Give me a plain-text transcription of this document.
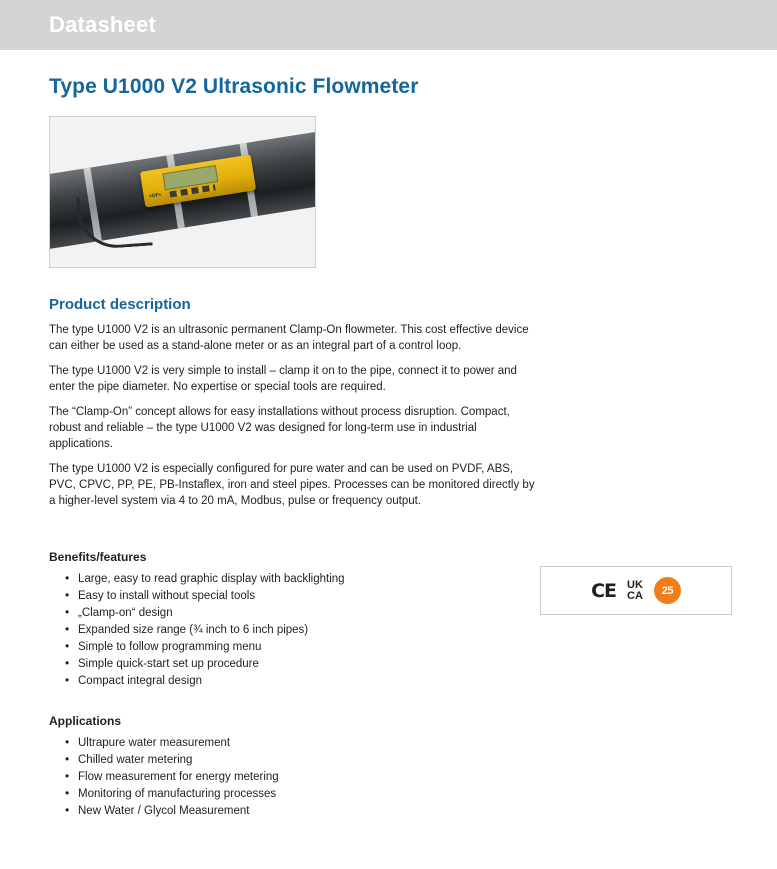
Datasheet
Type U1000 V2 Ultrasonic Flowmeter
+GF+
Product description

The type U1000 V2 is an ultrasonic permanent Clamp-On flowmeter. This cost effective device can either be used as a stand-alone meter or as an integral part of a control loop.

The type U1000 V2 is very simple to install – clamp it on to the pipe, connect it to power and enter the pipe diameter. No expertise or special tools are required.

The “Clamp-On” concept allows for easy installations without process disruption. Compact, robust and reliable – the type U1000 V2 was designed for long-term use in industrial applications.

The type U1000 V2 is especially configured for pure water and can be used on PVDF, ABS, PVC, CPVC, PP, PE, PB-Instaflex, iron and steel pipes. Processes can be monitored directly by a higher-level system via 4 to 20 mA, Modbus, pulse or frequency output.

Benefits/features
• Large, easy to read graphic display with backlighting
• Easy to install without special tools
• „Clamp-on“ design
• Expanded size range (¾ inch to 6 inch pipes)
• Simple to follow programming menu
• Simple quick-start set up procedure
• Compact integral design
Applications
• Ultrapure water measurement
• Chilled water metering
• Flow measurement for energy metering
• Monitoring of manufacturing processes
• New Water / Glycol Measurement
CE UK
CA 25
